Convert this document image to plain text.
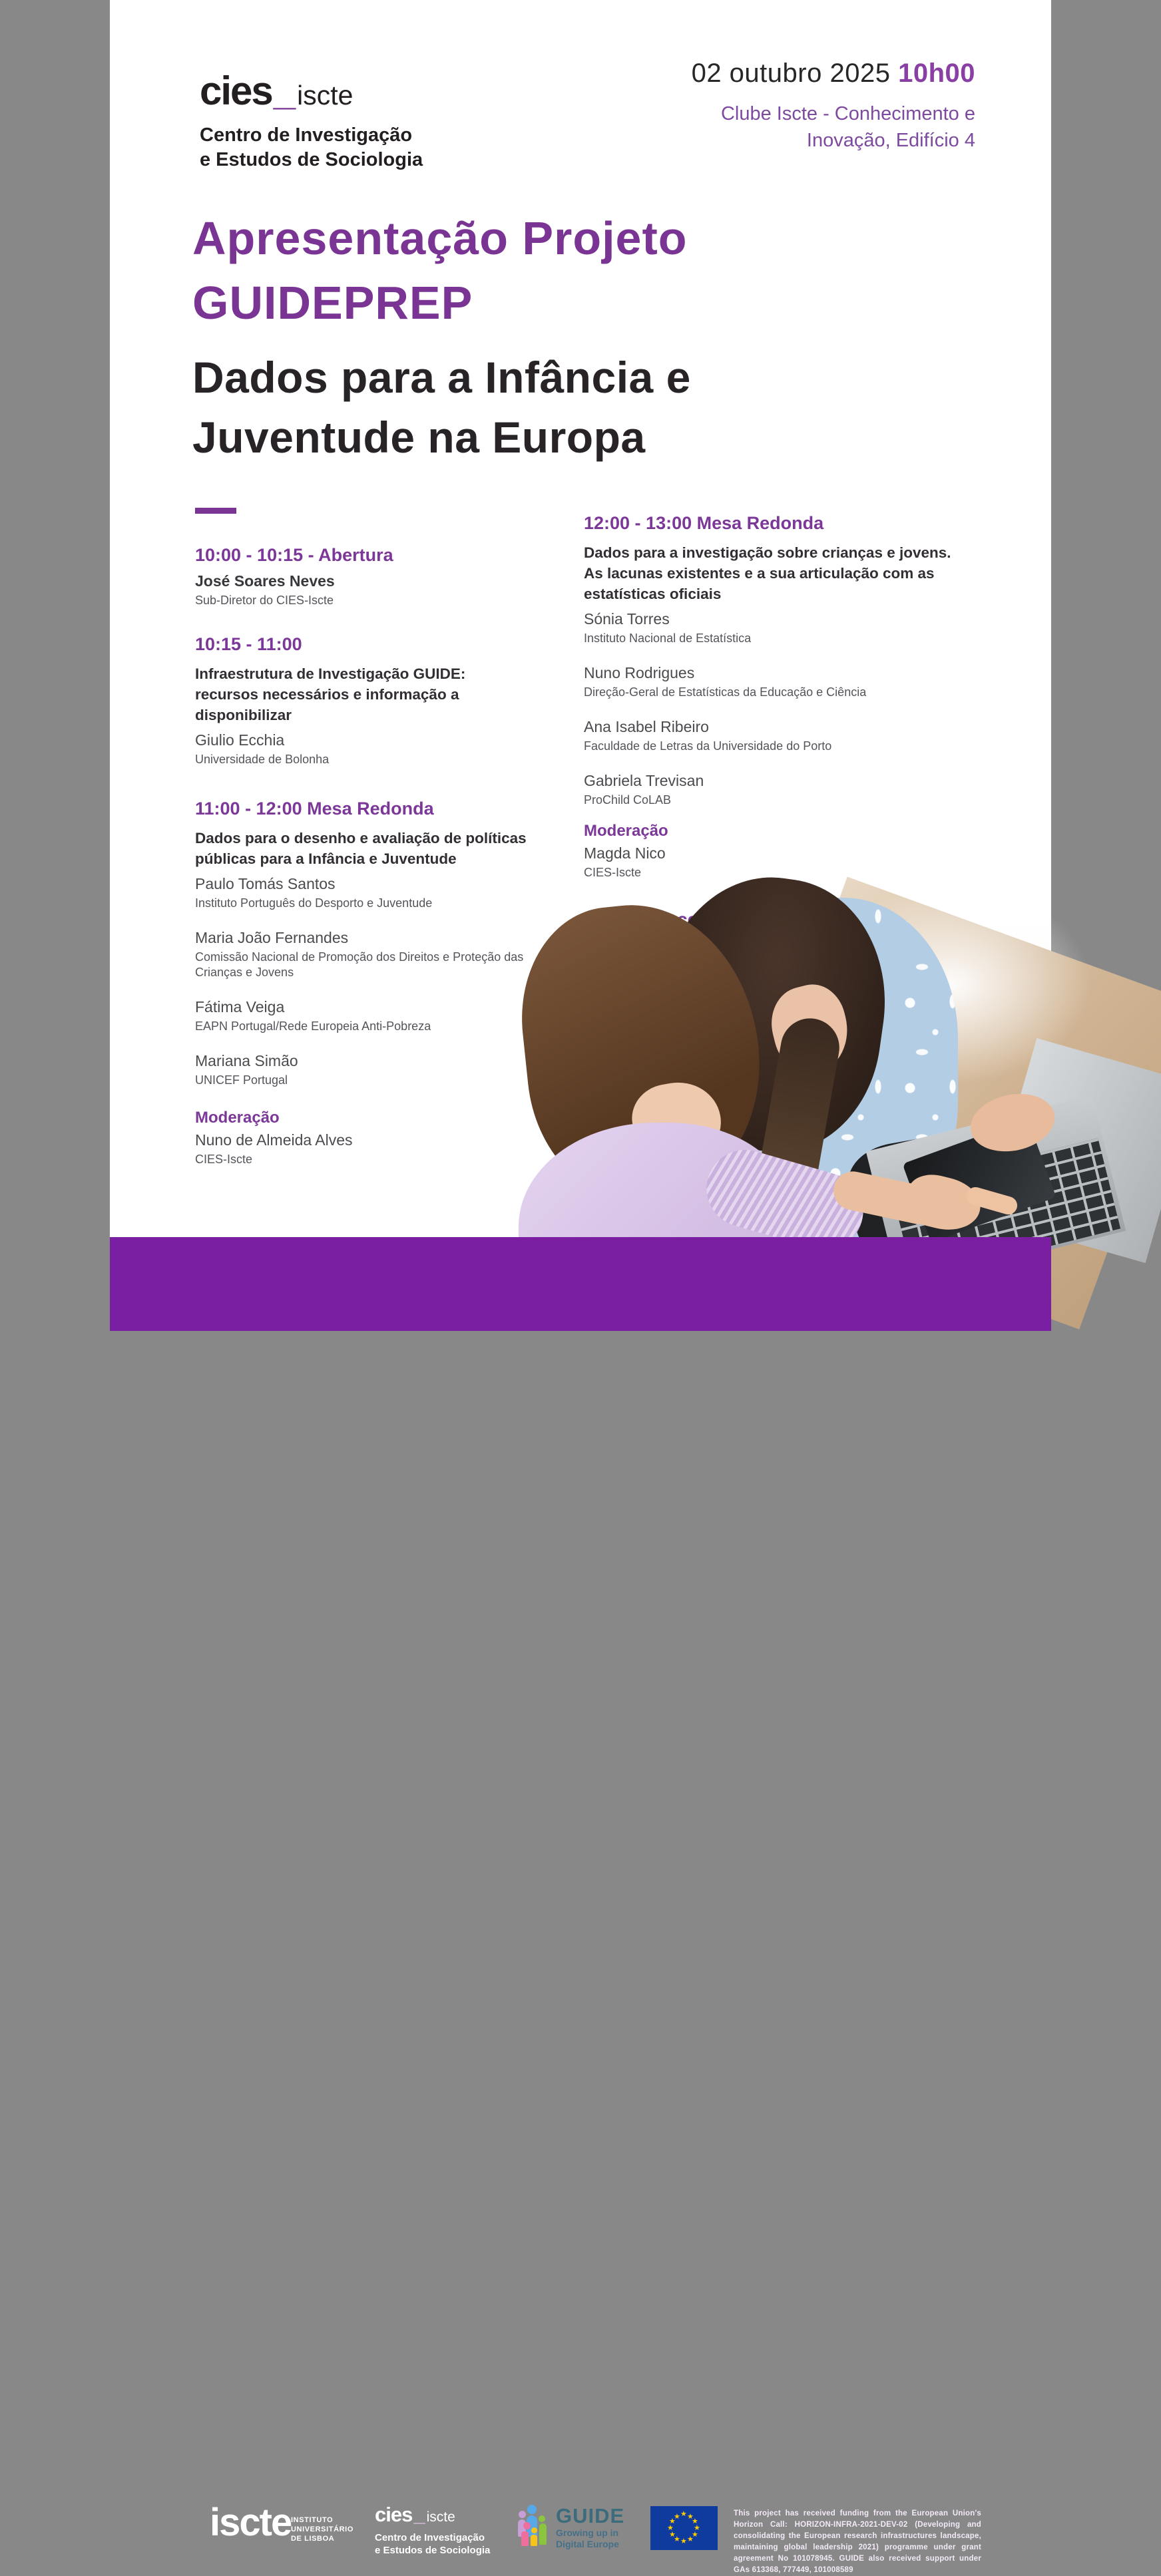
cies _ iscte
Centro de Investigação
e Estudos de Sociologia
02 outubro 2025 10h00
Clube Iscte - Conhecimento e
Inovação, Edifício 4
Apresentação Projeto
GUIDEPREP
Dados para a Infância e
Juventude na Europa
10:00 - 10:15 - Abertura
José Soares Neves
Sub-Diretor do CIES-Iscte
10:15 - 11:00
Infraestrutura de Investigação GUIDE: recursos necessários e informação a disponibilizar
Giulio Ecchia
Universidade de Bolonha
11:00 - 12:00 Mesa Redonda
Dados para o desenho e avaliação de políticas públicas para a Infância e Juventude
Paulo Tomás Santos
Instituto Português do Desporto e Juventude
Maria João Fernandes
Comissão Nacional de Promoção dos Direitos e Proteção das Crianças e Jovens
Fátima Veiga
EAPN Portugal/Rede Europeia Anti-Pobreza
Mariana Simão
UNICEF Portugal
Moderação
Nuno de Almeida Alves
CIES-Iscte
12:00 - 13:00 Mesa Redonda
Dados para a investigação sobre crianças e jovens. As lacunas existentes e a sua articulação com as estatísticas oficiais
Sónia Torres
Instituto Nacional de Estatística
Nuno Rodrigues
Direção-Geral de Estatísticas da Educação e Ciência
Ana Isabel Ribeiro
Faculdade de Letras da Universidade do Porto
Gabriela Trevisan
ProChild CoLAB
Moderação
Magda Nico
CIES-Iscte
iscte INSTITUTO
UNIVERSITÁRIO
DE LISBOA
cies _ iscte
Centro de Investigação
e Estudos de Sociologia
GUIDE
Growing up in
Digital Europe
★ ★
★
★
★
★
★
★
★
★
★
★	This project has received funding from the European Union's Horizon Call: HORIZON-INFRA-2021-DEV-02 (Developing and consolidating the European research infrastructures landscape, maintaining global leadership 2021) programme under grant agreement No 101078945. GUIDE also received support under GAs 613368, 777449, 101008589
